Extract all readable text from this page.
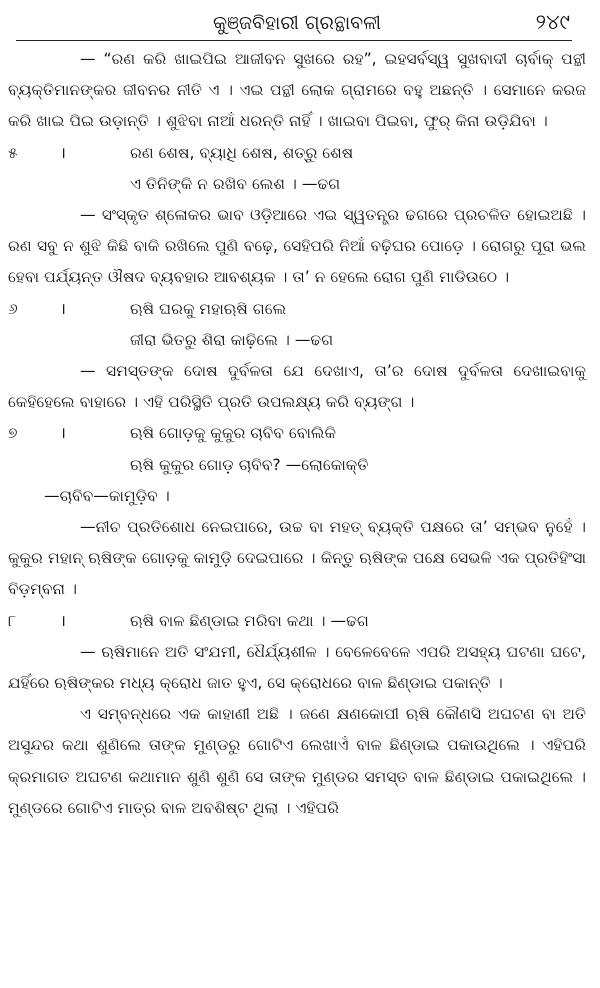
କୁଞ୍ଜବିହାରୀ ଗ୍ରନ୍ଥାବଳୀ	୨୪୯

— “ରଣ କରି ଖାଇପିଇ ଆଜୀବନ ସୁଖରେ ରହ”, ଇହସର୍ବସ୍ୱ ସୁଖବାଦୀ ଚାର୍ବାକ୍ ପନ୍ଥୀ ବ୍ୟକ୍ତିମାନଙ୍କର ଜୀବନର ନୀତି ଏ । ଏଇ ପନ୍ଥୀ ଲୋକ ଗ୍ରାମରେ ବହୁ ଅଛନ୍ତି । ସେମାନେ କରଜ କରି ଖାଇ ପିଇ ଉଡ଼ାନ୍ତି । ଶୁଝିବା ନାଆଁ ଧରନ୍ତି ନାହିଁ । ଖାଇବା ପିଇବା, ଫୁର୍ କିନା ଉଡ଼ିଯିବା ।

୫	।	ରଣ ଶେଷ, ବ୍ୟାଧି ଶେଷ, ଶତ୍ରୁ ଶେଷ

ଏ ତିନିଙ୍କି ନ ରଖିବ ଲେଶ । —ଢଗ

— ସଂସ୍କୃତ ଶ୍ଳୋକର ଭାବ ଓଡ଼ିଆରେ ଏଇ ସ୍ୱତନ୍ତ୍ର ଢଗରେ ପ୍ରଚଳିତ ହୋଇଅଛି । ରଣ ସବୁ ନ ଶୁଝି କିଛି ବାକି ରଖିଲେ ପୁଣି ବଢ଼େ, ସେହିପରି ନିଆଁ ବଢ଼ିଘର ପୋଡ଼େ । ରୋଗରୁ ପୂରା ଭଲ ହେବା ପର୍ଯ୍ୟନ୍ତ ଔଷଦ ବ୍ୟବହାର ଆବଶ୍ୟକ । ତା’ ନ ହେଲେ ରୋଗ ପୁଣି ମାଡିଉଠେ ।

୬	।	ଋଷି ଘରକୁ ମହାଋଷି ଗଲେ

ଜୀରା ଭିତରୁ ଶିରା କାଢ଼ିଲେ । —ଢଗ

— ସମସ୍ତଙ୍କ ଦୋଷ ଦୁର୍ବଳତା ଯେ ଦେଖାଏ, ତା’ର ଦୋଷ ଦୁର୍ବଳତା ଦେଖାଇବାକୁ କେହିହେଲେ ବାହାରେ । ଏହି ପରିସ୍ଥିତି ପ୍ରତି ଉପଲକ୍ଷ୍ୟ କରି ବ୍ୟଙ୍ଗ ।

୭	।	ଋଷି ଗୋଡ଼କୁ କୁକୁର ଚାବିବ ବୋଲିକି

ଋଷି କୁକୁର ଗୋଡ଼ ଚାବିବ? —ଲୋକୋକ୍ତି

—ଚାବିବ—କାମୁଡ଼ିବ ।

—ନୀଚ ପ୍ରତିଶୋଧ ନେଇପାରେ, ଉଚ୍ଚ ବା ମହତ୍ ବ୍ୟକ୍ତି ପକ୍ଷରେ ତା’ ସମ୍ଭବ ନୁହେଁ । କୁକୁର ମହାନ୍ ଋଷିଙ୍କ ଗୋଡ଼କୁ କାମୁଡ଼ି ଦେଇପାରେ । କିନ୍ତୁ ଋଷିଙ୍କ ପକ୍ଷେ ସେଭଳି ଏକ ପ୍ରତିହିଂସା ବିଡ଼ମ୍ବନା ।

୮	।	ଋଷି ବାଳ ଛିଣ୍ଡାଇ ମରିବା କଥା । —ଢଗ

— ଋଷିମାନେ ଅତି ସଂଯମୀ, ଧୈର୍ଯ୍ୟଶୀଳ । ବେଳେବେଳେ ଏପରି ଅସହ୍ୟ ଘଟଣା ଘଟେ, ଯହିଁରେ ଋଷିଙ୍କର ମଧ୍ୟ କ୍ରୋଧ ଜାତ ହୁଏ, ସେ କ୍ରୋଧରେ ବାଳ ଛିଣ୍ଡାଇ ପକାନ୍ତି ।

ଏ ସମ୍ବନ୍ଧରେ ଏକ କାହାଣୀ ଅଛି । ଜଣେ କ୍ଷଣକୋପୀ ଋଷି କୌଣସି ଅଘଟଣ ବା ଅତି ଅସୁନ୍ଦର କଥା ଶୁଣିଲେ ତାଙ୍କ ମୁଣ୍ଡରୁ ଗୋଟିଏ ଲେଖାଏଁ ବାଳ ଛିଣ୍ଡାଇ ପକାଉଥିଲେ । ଏହିପରି କ୍ରମାଗତ ଅଘଟଣ କଥାମାନ ଶୁଣି ଶୁଣି ସେ ତାଙ୍କ ମୁଣ୍ଡର ସମସ୍ତ ବାଳ ଛିଣ୍ଡାଇ ପକାଇଥିଲେ । ମୁଣ୍ଡରେ ଗୋଟିଏ ମାତ୍ର ବାଳ ଅବଶିଷ୍ଟ ଥିଲା । ଏହିପରି
